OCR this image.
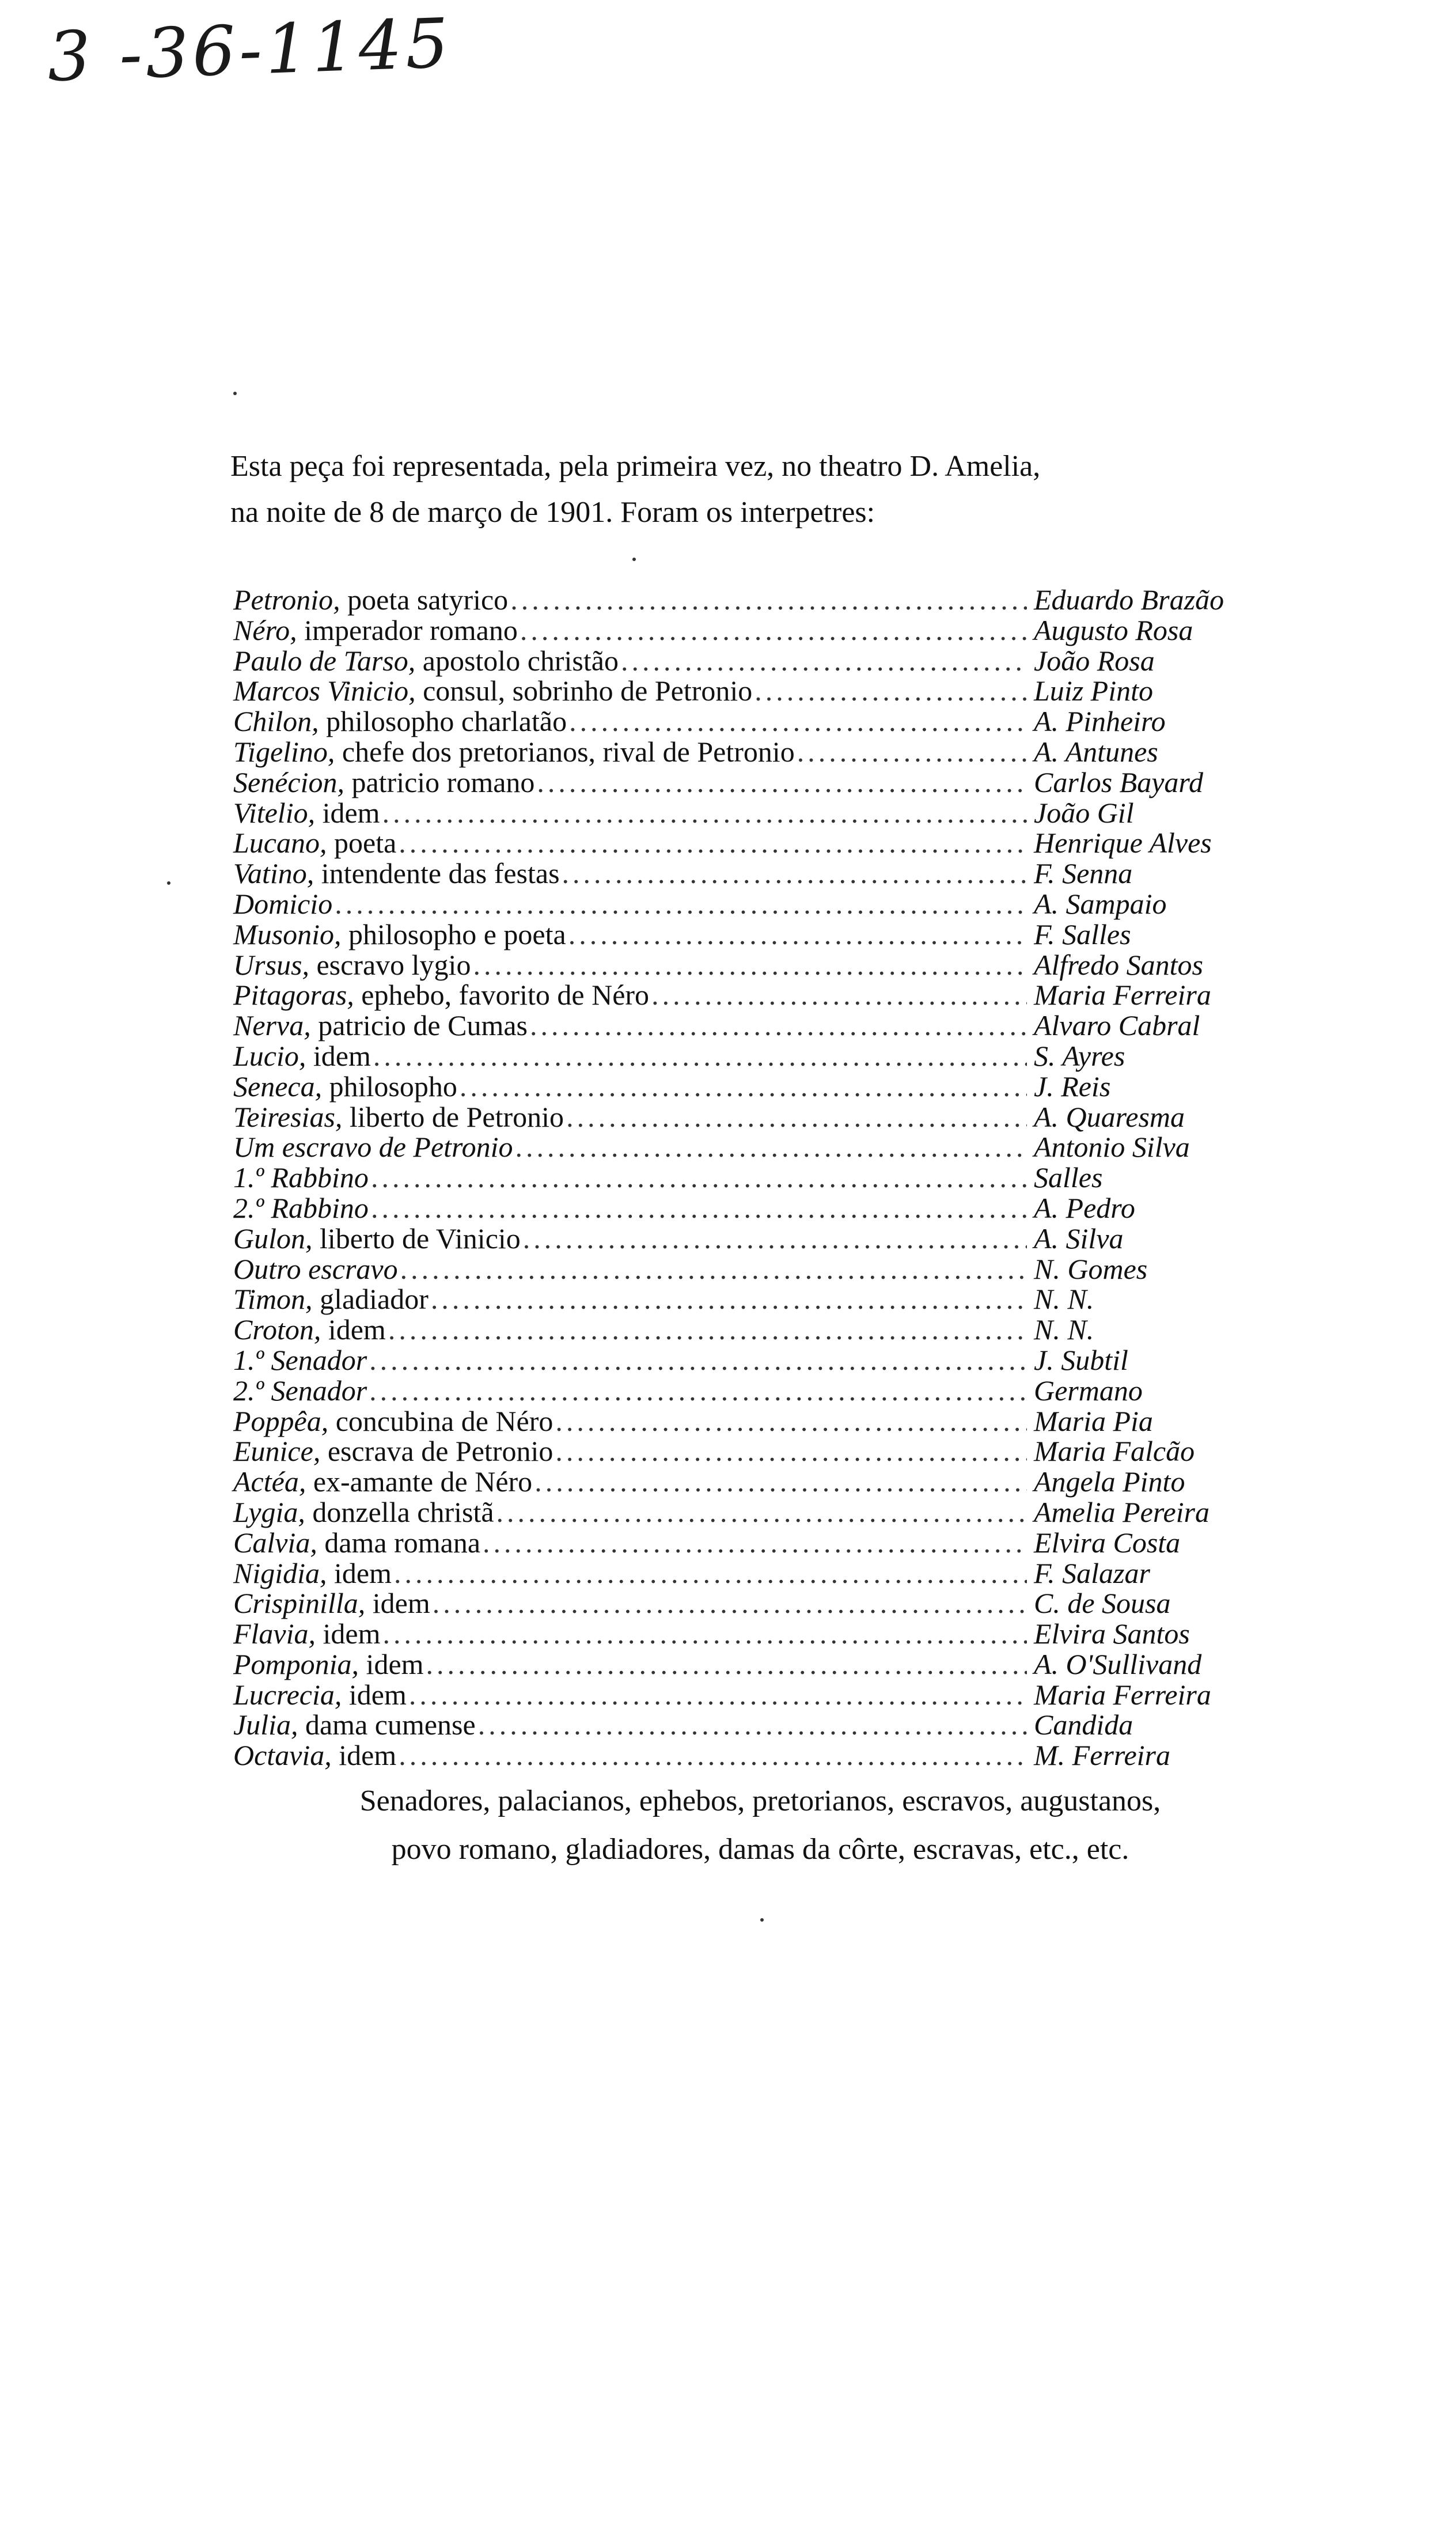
3 -36-1145
Esta peça foi representada, pela primeira vez, no theatro D. Amelia,
na noite de 8 de março de 1901. Foram os interpetres:
Petronio, poeta satyrico .....	Eduardo Brazão
Néro, imperador romano .....	Augusto Rosa
Paulo de Tarso, apostolo christão .....	João Rosa
Marcos Vinicio, consul, sobrinho de Petronio .....	Luiz Pinto
Chilon, philosopho charlatão .....	A. Pinheiro
Tigelino, chefe dos pretorianos, rival de Petronio .....	A. Antunes
Senécion, patricio romano .....	Carlos Bayard
Vitelio, idem .....	João Gil
Lucano, poeta .....	Henrique Alves
Vatino, intendente das festas .....	F. Senna
Domicio .....	A. Sampaio
Musonio, philosopho e poeta .....	F. Salles
Ursus, escravo lygio .....	Alfredo Santos
Pitagoras, ephebo, favorito de Néro .....	Maria Ferreira
Nerva, patricio de Cumas .....	Alvaro Cabral
Lucio, idem .....	S. Ayres
Seneca, philosopho .....	J. Reis
Teiresias, liberto de Petronio .....	A. Quaresma
Um escravo de Petronio .....	Antonio Silva
1.º Rabbino .....	Salles
2.º Rabbino .....	A. Pedro
Gulon, liberto de Vinicio .....	A. Silva
Outro escravo .....	N. Gomes
Timon, gladiador .....	N. N.
Croton, idem .....	N. N.
1.º Senador .....	J. Subtil
2.º Senador .....	Germano
Poppêa, concubina de Néro .....	Maria Pia
Eunice, escrava de Petronio .....	Maria Falcão
Actéa, ex-amante de Néro .....	Angela Pinto
Lygia, donzella christã .....	Amelia Pereira
Calvia, dama romana .....	Elvira Costa
Nigidia, idem .....	F. Salazar
Crispinilla, idem .....	C. de Sousa
Flavia, idem .....	Elvira Santos
Pomponia, idem .....	A. O'Sullivand
Lucrecia, idem .....	Maria Ferreira
Julia, dama cumense .....	Candida
Octavia, idem .....	M. Ferreira
Senadores, palacianos, ephebos, pretorianos, escravos, augustanos,
povo romano, gladiadores, damas da côrte, escravas, etc., etc.
